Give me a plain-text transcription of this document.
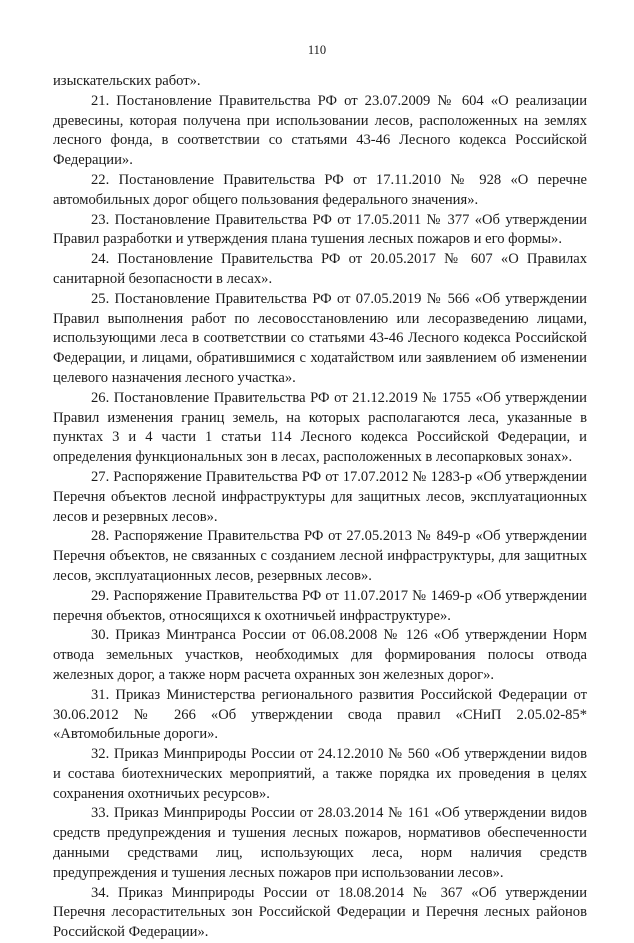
110

изыскательских работ».

21. Постановление Правительства РФ от 23.07.2009 № 604 «О реализации древесины, которая получена при использовании лесов, расположенных на землях лесного фонда, в соответствии со статьями 43-46 Лесного кодекса Российской Федерации».

22. Постановление Правительства РФ от 17.11.2010 № 928 «О перечне автомобильных дорог общего пользования федерального значения».

23. Постановление Правительства РФ от 17.05.2011 № 377 «Об утверждении Правил разработки и утверждения плана тушения лесных пожаров и его формы».

24. Постановление Правительства РФ от 20.05.2017 № 607 «О Правилах санитарной безопасности в лесах».

25. Постановление Правительства РФ от 07.05.2019 № 566 «Об утверждении Правил выполнения работ по лесовосстановлению или лесоразведению лицами, использующими леса в соответствии со статьями 43-46 Лесного кодекса Российской Федерации, и лицами, обратившимися с ходатайством или заявлением об изменении целевого назначения лесного участка».

26. Постановление Правительства РФ от 21.12.2019 № 1755 «Об утверждении Правил изменения границ земель, на которых располагаются леса, указанные в пунктах 3 и 4 части 1 статьи 114 Лесного кодекса Российской Федерации, и определения функциональных зон в лесах, расположенных в лесопарковых зонах».

27. Распоряжение Правительства РФ от 17.07.2012 № 1283-р «Об утверждении Перечня объектов лесной инфраструктуры для защитных лесов, эксплуатационных лесов и резервных лесов».

28. Распоряжение Правительства РФ от 27.05.2013 № 849-р «Об утверждении Перечня объектов, не связанных с созданием лесной инфраструктуры, для защитных лесов, эксплуатационных лесов, резервных лесов».

29. Распоряжение Правительства РФ от 11.07.2017 № 1469-р «Об утверждении перечня объектов, относящихся к охотничьей инфраструктуре».

30. Приказ Минтранса России от 06.08.2008 № 126 «Об утверждении Норм отвода земельных участков, необходимых для формирования полосы отвода железных дорог, а также норм расчета охранных зон железных дорог».

31. Приказ Министерства регионального развития Российской Федерации от 30.06.2012 № 266 «Об утверждении свода правил «СНиП 2.05.02-85* «Автомобильные дороги».

32. Приказ Минприроды России от 24.12.2010 № 560 «Об утверждении видов и состава биотехнических мероприятий, а также порядка их проведения в целях сохранения охотничьих ресурсов».

33. Приказ Минприроды России от 28.03.2014 № 161 «Об утверждении видов средств предупреждения и тушения лесных пожаров, нормативов обеспеченности данными средствами лиц, использующих леса, норм наличия средств предупреждения и тушения лесных пожаров при использовании лесов».

34. Приказ Минприроды России от 18.08.2014 № 367 «Об утверждении Перечня лесорастительных зон Российской Федерации и Перечня лесных районов Российской Федерации».
